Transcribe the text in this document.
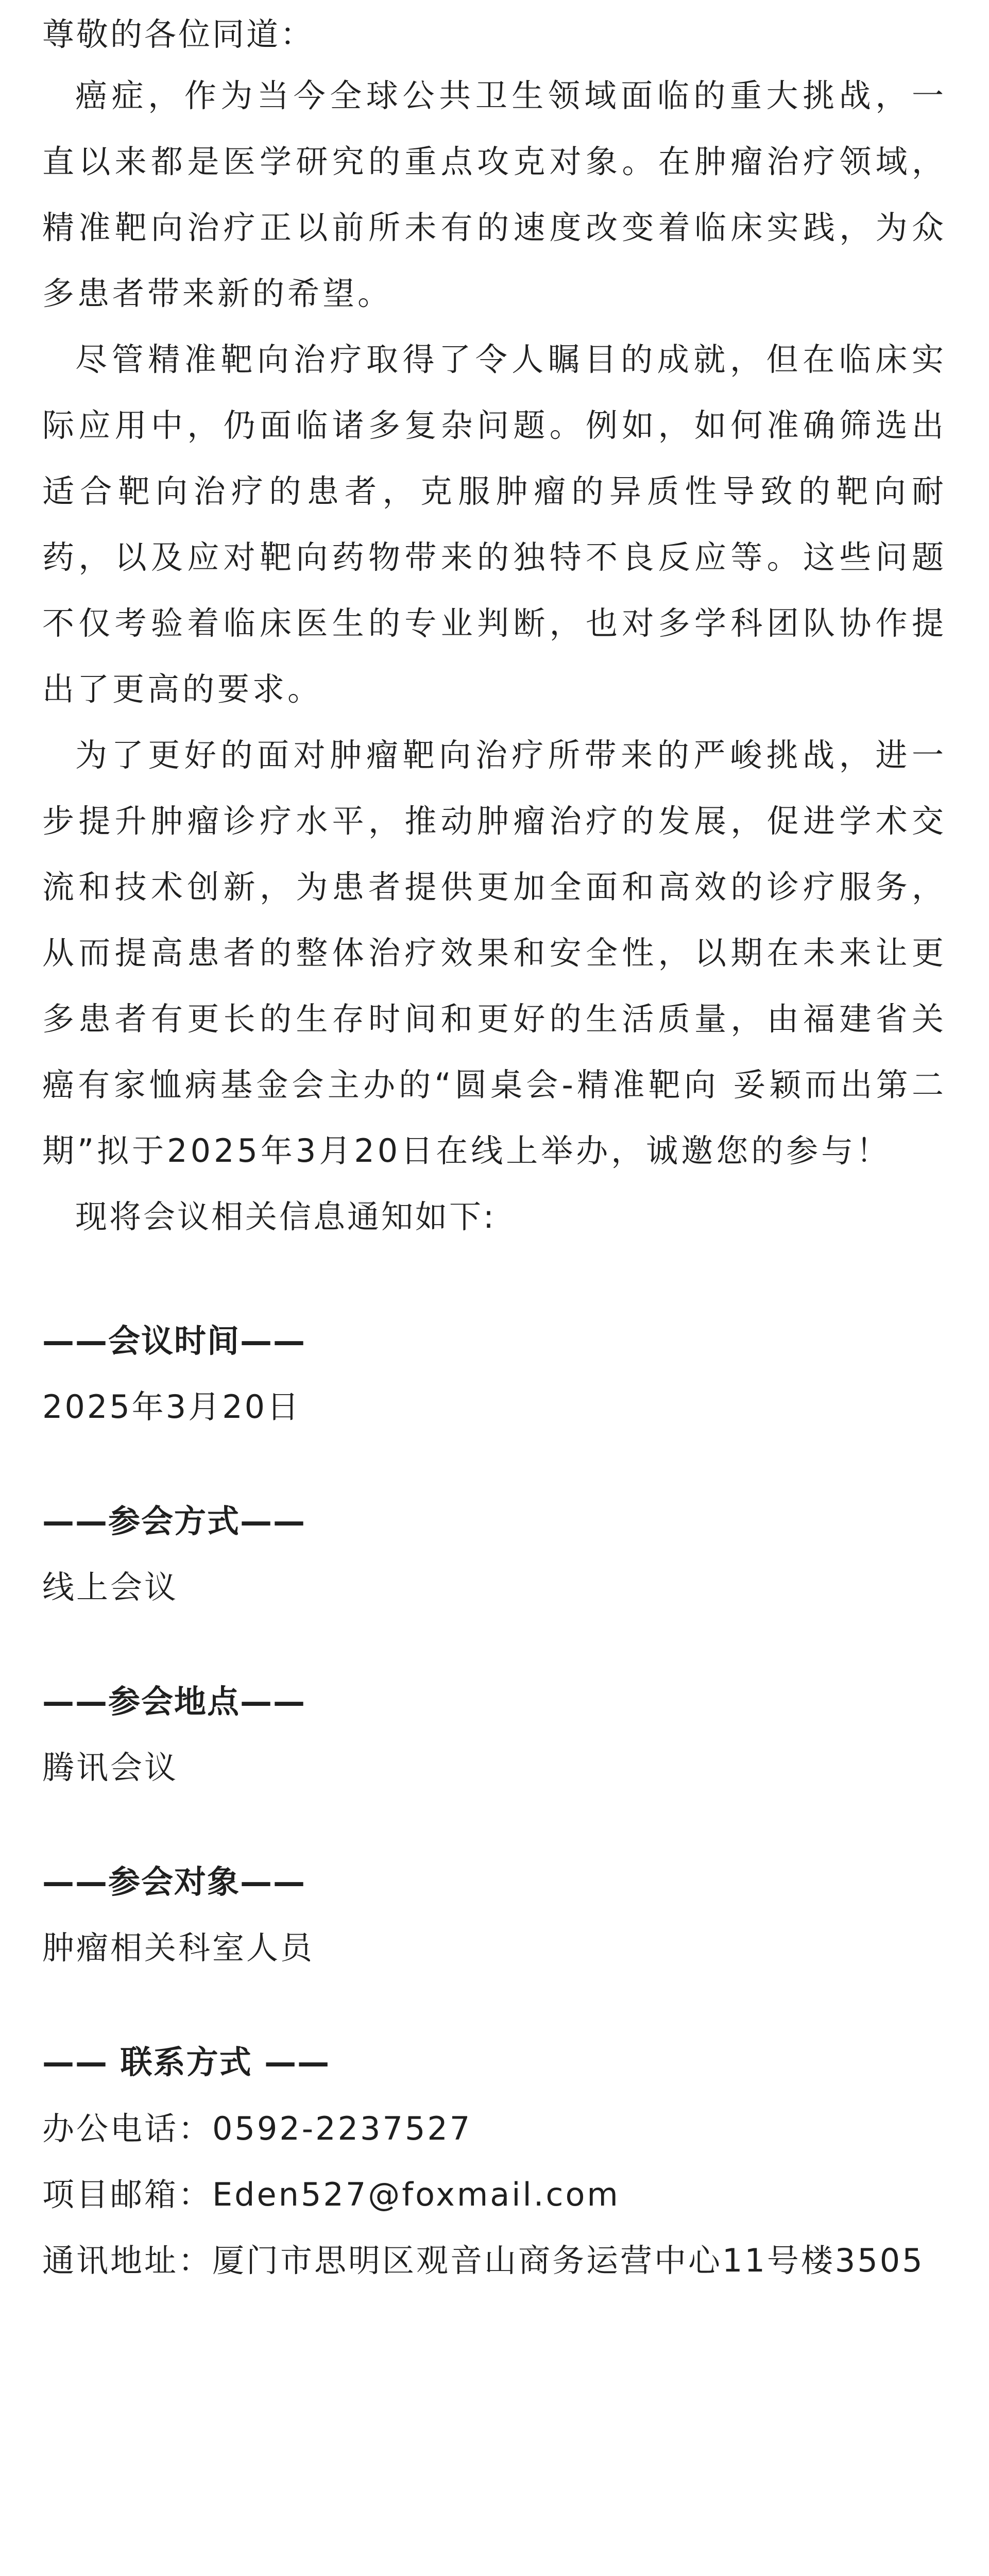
尊敬的各位同道：

癌症，作为当今全球公共卫生领域面临的重大挑战，一直以来都是医学研究的重点攻克对象。在肿瘤治疗领域，精准靶向治疗正以前所未有的速度改变着临床实践，为众多患者带来新的希望。

尽管精准靶向治疗取得了令人瞩目的成就，但在临床实际应用中，仍面临诸多复杂问题。例如，如何准确筛选出适合靶向治疗的患者，克服肿瘤的异质性导致的靶向耐药，以及应对靶向药物带来的独特不良反应等。这些问题不仅考验着临床医生的专业判断，也对多学科团队协作提出了更高的要求。

为了更好的面对肿瘤靶向治疗所带来的严峻挑战，进一步提升肿瘤诊疗水平，推动肿瘤治疗的发展，促进学术交流和技术创新，为患者提供更加全面和高效的诊疗服务，从而提高患者的整体治疗效果和安全性，以期在未来让更多患者有更长的生存时间和更好的生活质量，由福建省关癌有家恤病基金会主办的“圆桌会-精准靶向 妥颖而出第二期”拟于2025年3月20日在线上举办，诚邀您的参与！

现将会议相关信息通知如下:

——会议时间——

2025年3月20日

——参会方式——

线上会议

——参会地点——

腾讯会议

——参会对象——

肿瘤相关科室人员

—— 联系方式 ——

办公电话：0592-2237527

项目邮箱：Eden527@foxmail.com

通讯地址：厦门市思明区观音山商务运营中心11号楼3505
